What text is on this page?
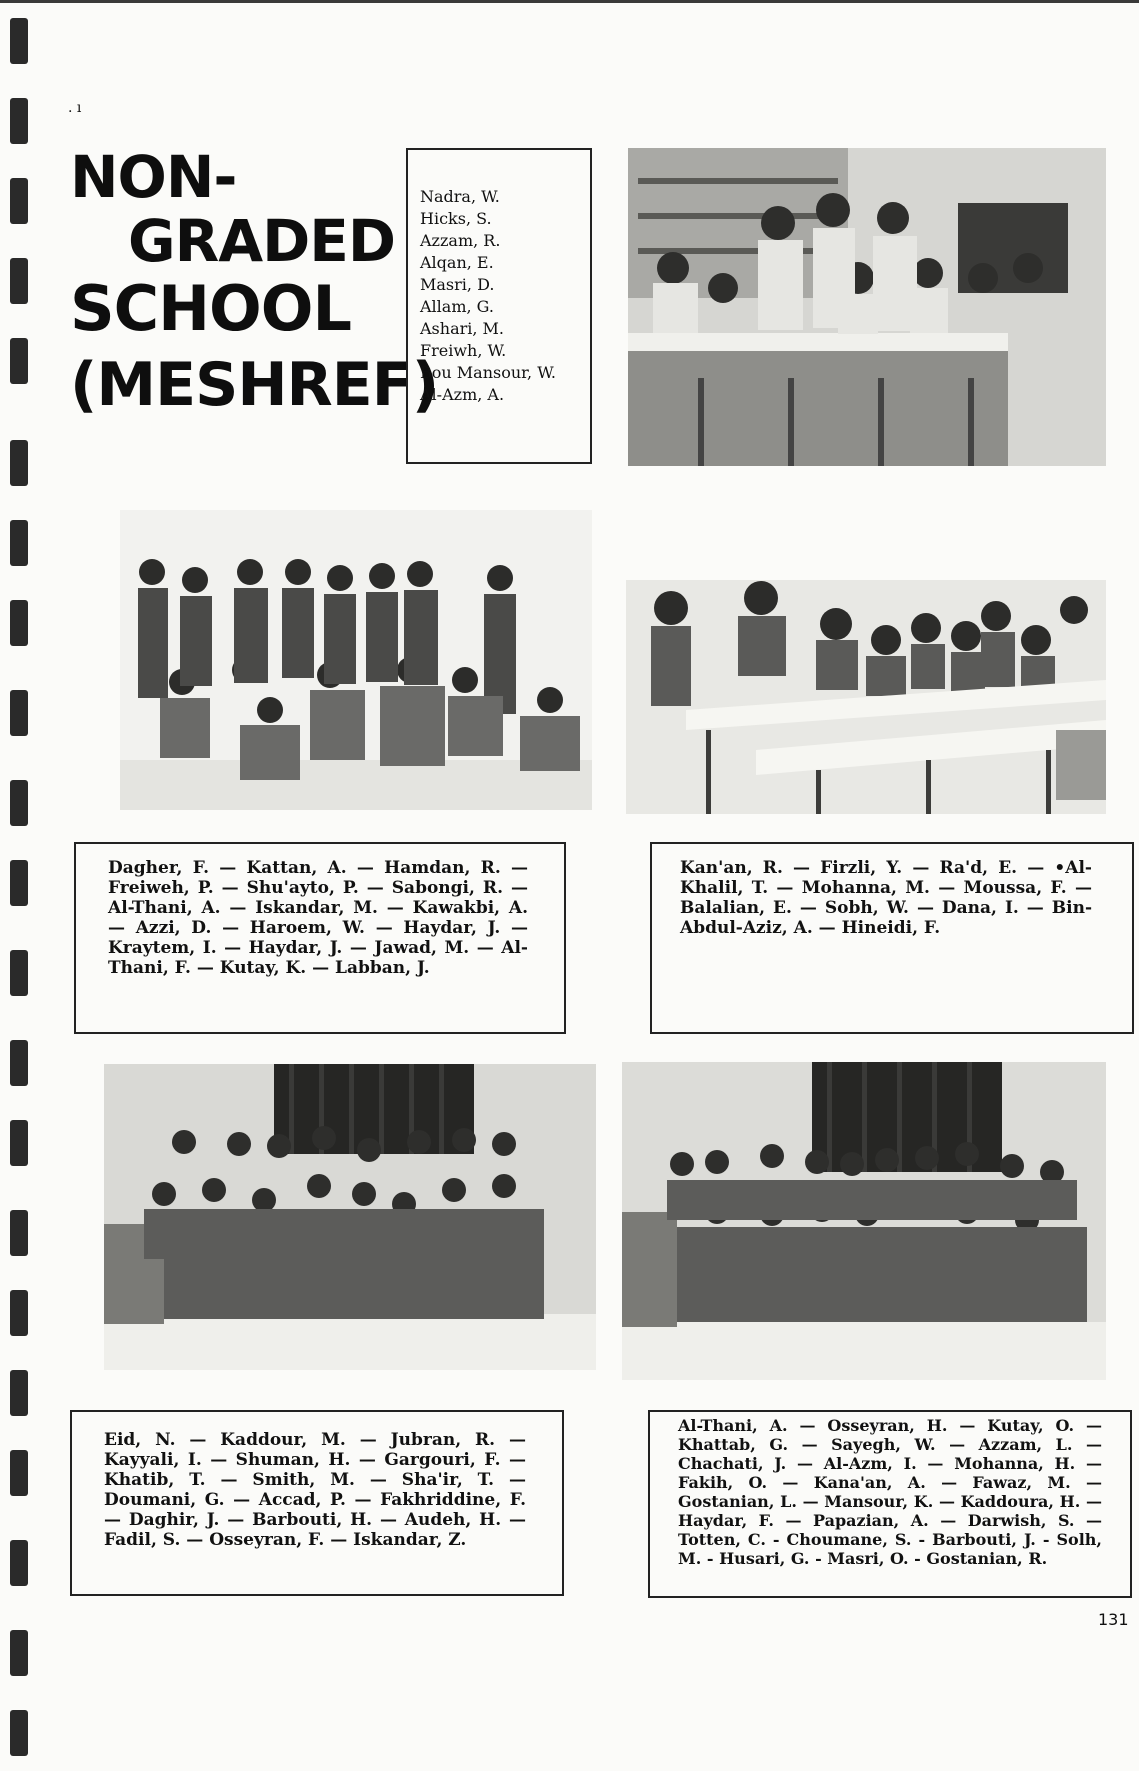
. ı
NON-
GRADED
SCHOOL
(MESHREF)
Nadra, W.
Hicks, S.
Azzam, R.
Alqan, E.
Masri, D.
Allam, G.
Ashari, M.
Freiwh, W.
Bou Mansour, W.
Al-Azm, A.

Dagher, F. — Kattan, A. — Hamdan, R. — Freiweh, P. — Shu'ayto, P. — Sabongi, R. — Al-Thani, A. — Iskandar, M. — Kawakbi, A. — Azzi, D. — Haroem, W. — Haydar, J. — Kraytem, I. — Haydar, J. — Jawad, M. — Al-Thani, F. — Kutay, K. — Labban, J.

Kan'an, R. — Firzli, Y. — Ra'd, E. — •Al-Khalil, T. — Mohanna, M. — Moussa, F. — Balalian, E. — Sobh, W. — Dana, I. — Bin-Abdul-Aziz, A. — Hineidi, F.

Eid, N. — Kaddour, M. — Jubran, R. — Kayyali, I. — Shuman, H. — Gargouri, F. — Khatib, T. — Smith, M. — Sha'ir, T. — Doumani, G. — Accad, P. — Fakhriddine, F. — Daghir, J. — Barbouti, H. — Audeh, H. — Fadil, S. — Osseyran, F. — Iskandar, Z.

Al-Thani, A. — Osseyran, H. — Kutay, O. — Khattab, G. — Sayegh, W. — Azzam, L. — Chachati, J. — Al-Azm, I. — Mohanna, H. — Fakih, O. — Kana'an, A. — Fawaz, M. — Gostanian, L. — Mansour, K. — Kaddoura, H. — Haydar, F. — Papazian, A. — Darwish, S. — Totten, C. - Choumane, S. - Barbouti, J. - Solh, M. - Husari, G. - Masri, O. - Gostanian, R.

131
